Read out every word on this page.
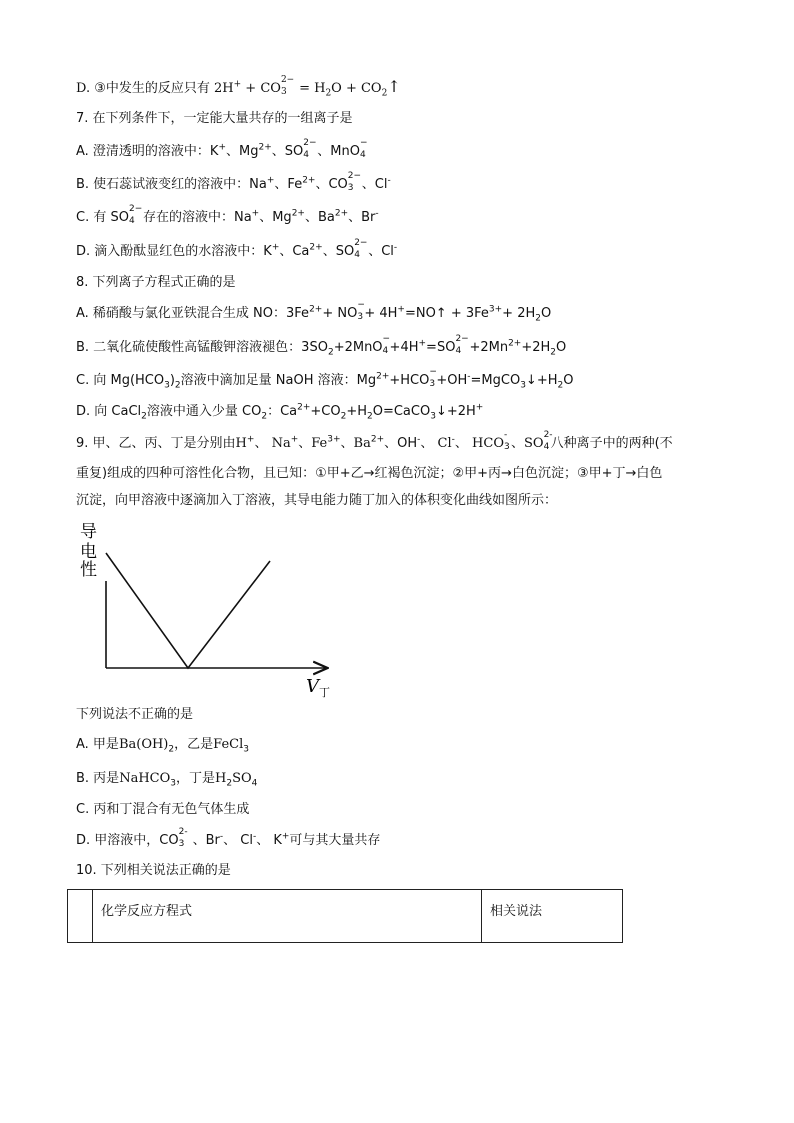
D. ③中发生的反应只有 2H+ + CO
2−
$3 = H_2O$ + $CO_2↑$
7. 在下列条件下，一定能大量共存的一组离子是
A. 澄清透明的溶液中：K+、$Mg^{2+}$、SO
2−
4 、MnO
−
4
B. 使石蕊试液变红的溶液中：Na+、$Fe^{2+}$、CO
2−
3 、Cl-
C. 有 SO
2−
4 存在的溶液中：Na+、$Mg^{2+}$、$Ba^{2+}$、Br-
D. 滴入酚酞显红色的水溶液中：K+、$Ca^{2+}$、SO
2−
4 、Cl-
8. 下列离子方程式正确的是
A. 稀硝酸与氯化亚铁混合生成 NO：$3Fe^{2+}+$ NO
−
3 + 4H+=NO↑ + $3Fe^{3+}+ 2H_2O$
B. 二氧化硫使酸性高锰酸钾溶液褪色：$3SO_2+2MnO$
−
4 +4H+=SO
2−
$4 +2Mn^{2+}+2H_2O$
C. 向 $Mg(HCO_3)_2$溶液中滴加足量 NaOH 溶液：$Mg^{2+}+HCO$
−
$3 +OH^-=MgCO_3↓+H_2O$
D. 向 CaCl$_2$溶液中通入少量 $CO_2$：$Ca^{2+}+CO_2+H_2O=CaCO_3↓+2H^+$
9. 甲、乙、丙、丁是分别由H+、 Na+、$Fe^{3+}$、$Ba^{2+}$、OH-、 Cl-、 HCO
-
3 、SO
2-
4 八种离子中的两种(不
重复)组成的四种可溶性化合物，且已知：①甲+乙→红褐色沉淀；②甲+丙→白色沉淀；③甲+丁→白色
沉淀，向甲溶液中逐滴加入丁溶液，其导电能力随丁加入的体积变化曲线如图所示：
导
电
性
V 丁
下列说法不正确的是
A. 甲是$Ba(OH)_2$，乙是FeCl$_3$
B. 丙是NaHCO$_3$，丁是$H_2SO_4$
C. 丙和丁混合有无色气体生成
D. 甲溶液中，CO
2-
3 、Br-、 Cl-、 K+可与其大量共存
10. 下列相关说法正确的是
	化学反应方程式	相关说法
